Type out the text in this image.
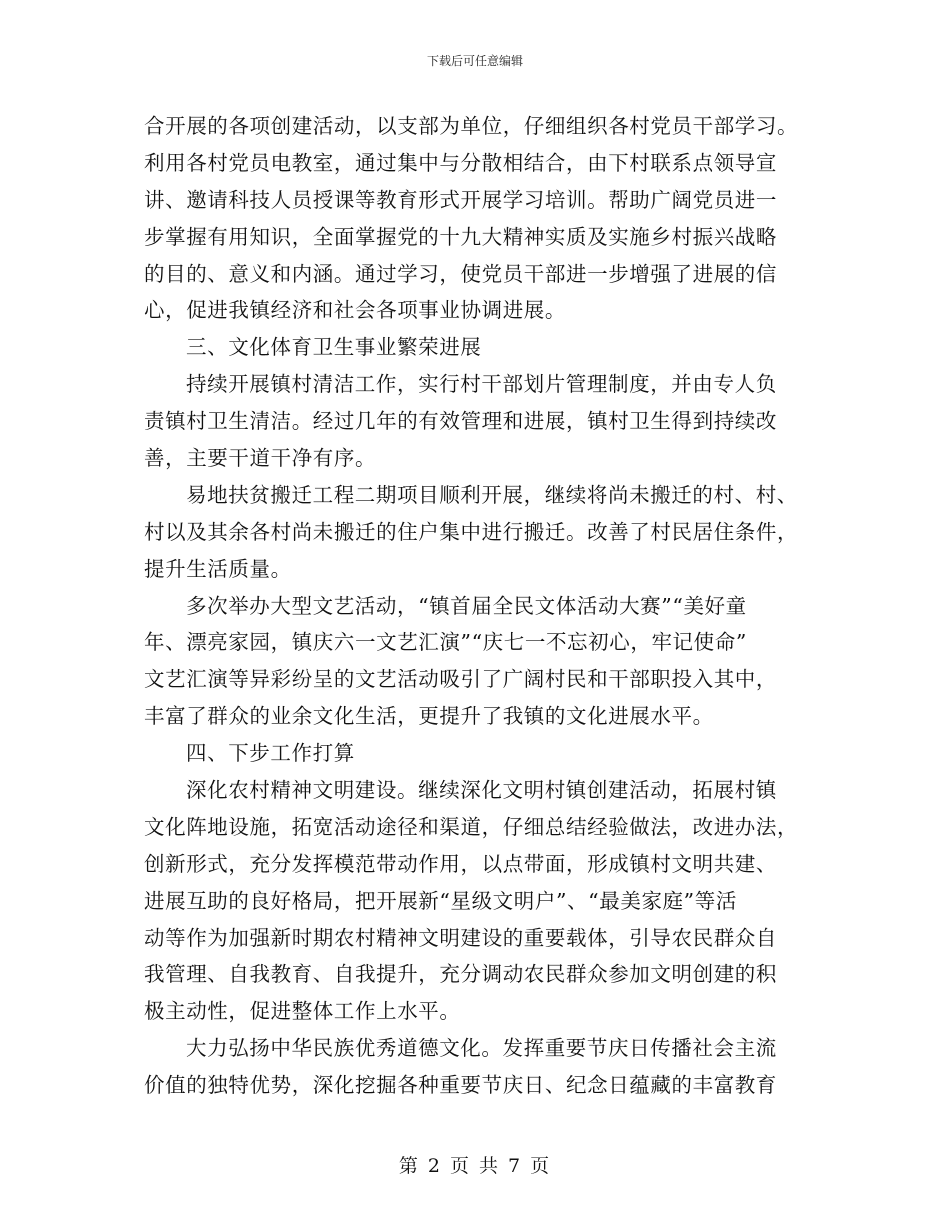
下载后可任意编辑
合开展的各项创建活动，以支部为单位，仔细组织各村党员干部学习。
利用各村党员电教室，通过集中与分散相结合，由下村联系点领导宣
讲、邀请科技人员授课等教育形式开展学习培训。帮助广阔党员进一
步掌握有用知识，全面掌握党的十九大精神实质及实施乡村振兴战略
的目的、意义和内涵。通过学习，使党员干部进一步增强了进展的信
心，促进我镇经济和社会各项事业协调进展。
三、文化体育卫生事业繁荣进展
持续开展镇村清洁工作，实行村干部划片管理制度，并由专人负
责镇村卫生清洁。经过几年的有效管理和进展，镇村卫生得到持续改
善，主要干道干净有序。
易地扶贫搬迁工程二期项目顺利开展，继续将尚未搬迁的村、村、
村以及其余各村尚未搬迁的住户集中进行搬迁。改善了村民居住条件，
提升生活质量。
多次举办大型文艺活动，“镇首届全民文体活动大赛”“美好童
年、漂亮家园，镇庆六一文艺汇演”“庆七一不忘初心，牢记使命”
文艺汇演等异彩纷呈的文艺活动吸引了广阔村民和干部职投入其中，
丰富了群众的业余文化生活，更提升了我镇的文化进展水平。
四、下步工作打算
深化农村精神文明建设。继续深化文明村镇创建活动，拓展村镇
文化阵地设施，拓宽活动途径和渠道，仔细总结经验做法，改进办法，
创新形式，充分发挥模范带动作用，以点带面，形成镇村文明共建、
进展互助的良好格局，把开展新“星级文明户”、“最美家庭”等活
动等作为加强新时期农村精神文明建设的重要载体，引导农民群众自
我管理、自我教育、自我提升，充分调动农民群众参加文明创建的积
极主动性，促进整体工作上水平。
大力弘扬中华民族优秀道德文化。发挥重要节庆日传播社会主流
价值的独特优势，深化挖掘各种重要节庆日、纪念日蕴藏的丰富教育
第 2 页 共 7 页
